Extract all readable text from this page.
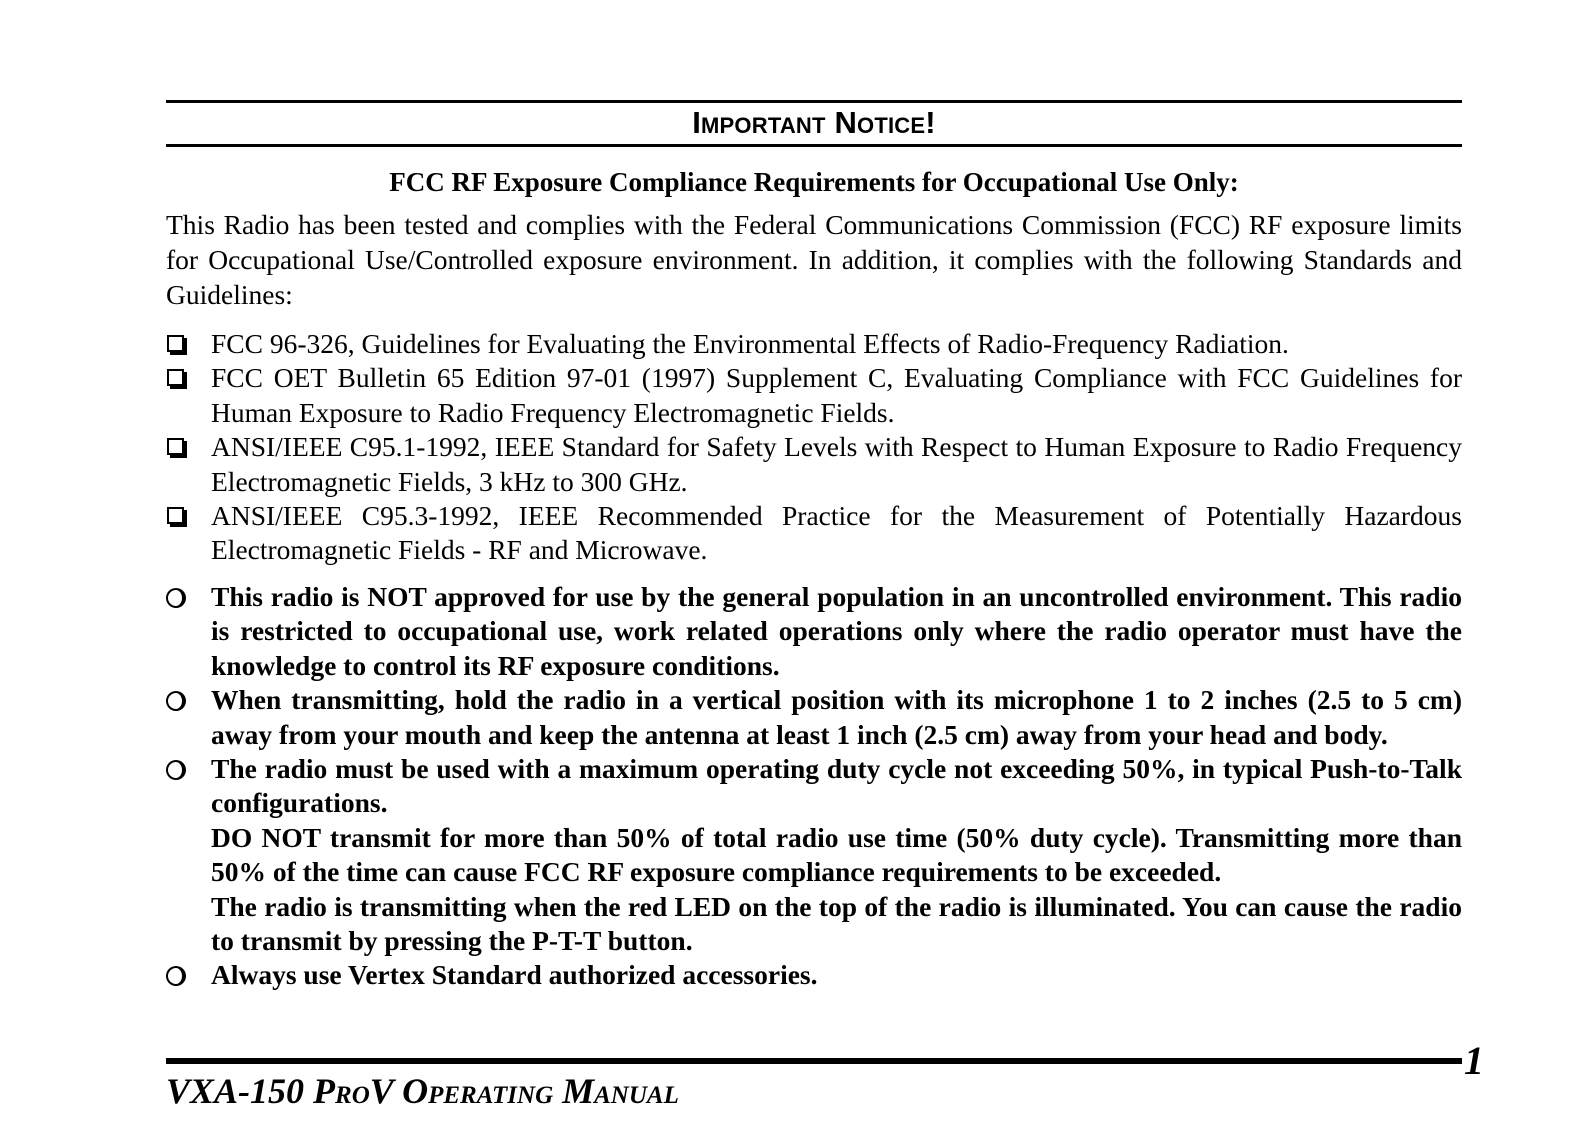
Important Notice!
FCC RF Exposure Compliance Requirements for Occupational Use Only:
This Radio has been tested and complies with the Federal Communications Commission (FCC) RF exposure limits for Occupational Use/Controlled exposure environment. In addition, it complies with the following Standards and Guidelines:
FCC 96-326, Guidelines for Evaluating the Environmental Effects of Radio-Frequency Radiation.
FCC OET Bulletin 65 Edition 97-01 (1997) Supplement C, Evaluating Compliance with FCC Guidelines for Human Exposure to Radio Frequency Electromagnetic Fields.
ANSI/IEEE C95.1-1992, IEEE Standard for Safety Levels with Respect to Human Exposure to Radio Frequency Electromagnetic Fields, 3 kHz to 300 GHz.
ANSI/IEEE C95.3-1992, IEEE Recommended Practice for the Measurement of Potentially Hazardous Electromagnetic Fields - RF and Microwave.

This radio is NOT approved for use by the general population in an uncontrolled environment. This radio is restricted to occupational use, work related operations only where the radio operator must have the knowledge to control its RF exposure conditions.

When transmitting, hold the radio in a vertical position with its microphone 1 to 2 inches (2.5 to 5 cm) away from your mouth and keep the antenna at least 1 inch (2.5 cm) away from your head and body.

The radio must be used with a maximum operating duty cycle not exceeding 50%, in typical Push-to-Talk configurations.

DO NOT transmit for more than 50% of total radio use time (50% duty cycle). Transmitting more than 50% of the time can cause FCC RF exposure compliance requirements to be exceeded.

The radio is transmitting when the red LED on the top of the radio is illuminated. You can cause the radio to transmit by pressing the P-T-T button.

Always use Vertex Standard authorized accessories.

1
VXA-150 ProV Operating Manual
